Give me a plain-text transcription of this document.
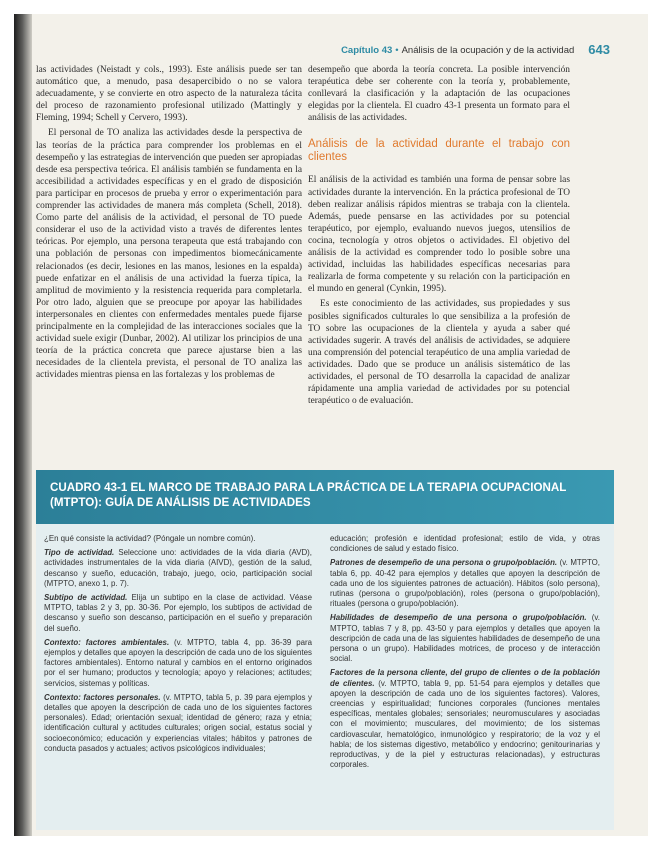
Capítulo 43 • Análisis de la ocupación y de la actividad 643

las actividades (Neistadt y cols., 1993). Este análisis puede ser tan automático que, a menudo, pasa desapercibido o no se valora adecuadamente, y se convierte en otro aspecto de la naturaleza tácita del proceso de razonamiento profesional utilizado (Mattingly y Fleming, 1994; Schell y Cervero, 1993).

El personal de TO analiza las actividades desde la perspectiva de las teorías de la práctica para comprender los problemas en el desempeño y las estrategias de intervención que pueden ser apropiadas desde esa perspectiva teórica. El análisis también se fundamenta en la accesibilidad a actividades específicas y en el grado de disposición para participar en procesos de prueba y error o experimentación para comprender las actividades de manera más completa (Schell, 2018). Como parte del análisis de la actividad, el personal de TO puede considerar el uso de la actividad visto a través de diferentes lentes teóricas. Por ejemplo, una persona terapeuta que está trabajando con una población de personas con impedimentos biomecánicamente relacionados (es decir, lesiones en las manos, lesiones en la espalda) puede enfatizar en el análisis de una actividad la fuerza típica, la amplitud de movimiento y la resistencia requerida para completarla. Por otro lado, alguien que se preocupe por apoyar las habilidades interpersonales en clientes con enfermedades mentales puede fijarse principalmente en la complejidad de las interacciones sociales que la actividad suele exigir (Dunbar, 2002). Al utilizar los principios de una teoría de la práctica concreta que parece ajustarse bien a las necesidades de la clientela prevista, el personal de TO analiza las actividades mientras piensa en las fortalezas y los problemas de

desempeño que aborda la teoría concreta. La posible intervención terapéutica debe ser coherente con la teoría y, probablemente, conllevará la clasificación y la adaptación de las ocupaciones elegidas por la clientela. El cuadro 43-1 presenta un formato para el análisis de las actividades.

Análisis de la actividad durante el trabajo con clientes

El análisis de la actividad es también una forma de pensar sobre las actividades durante la intervención. En la práctica profesional de TO deben realizar análisis rápidos mientras se trabaja con la clientela. Además, puede pensarse en las actividades por su potencial terapéutico, por ejemplo, evaluando nuevos juegos, utensilios de cocina, tecnología y otros objetos o actividades. El objetivo del análisis de la actividad es comprender todo lo posible sobre una actividad, incluidas las habilidades específicas necesarias para realizarla de forma competente y su relación con la participación en el mundo en general (Cynkin, 1995).

Es este conocimiento de las actividades, sus propiedades y sus posibles significados culturales lo que sensibiliza a la profesión de TO sobre las ocupaciones de la clientela y ayuda a saber qué actividades sugerir. A través del análisis de actividades, se adquiere una comprensión del potencial terapéutico de una amplia variedad de actividades. Dado que se produce un análisis sistemático de las actividades, el personal de TO desarrolla la capacidad de analizar rápidamente una amplia variedad de actividades por su potencial terapéutico o de evaluación.

CUADRO 43-1 EL MARCO DE TRABAJO PARA LA PRÁCTICA DE LA TERAPIA OCUPACIONAL (MTPTO): GUÍA DE ANÁLISIS DE ACTIVIDADES

¿En qué consiste la actividad? (Póngale un nombre común).

Tipo de actividad. Seleccione uno: actividades de la vida diaria (AVD), actividades instrumentales de la vida diaria (AIVD), gestión de la salud, descanso y sueño, educación, trabajo, juego, ocio, participación social (MTPTO, anexo 1, p. 7).

Subtipo de actividad. Elija un subtipo en la clase de actividad. Véase MTPTO, tablas 2 y 3, pp. 30-36. Por ejemplo, los subtipos de actividad de descanso y sueño son descanso, participación en el sueño y preparación del sueño.

Contexto: factores ambientales. (v. MTPTO, tabla 4, pp. 36-39 para ejemplos y detalles que apoyen la descripción de cada uno de los siguientes factores ambientales). Entorno natural y cambios en el entorno originados por el ser humano; productos y tecnología; apoyo y relaciones; actitudes; servicios, sistemas y políticas.

Contexto: factores personales. (v. MTPTO, tabla 5, p. 39 para ejemplos y detalles que apoyen la descripción de cada uno de los siguientes factores personales). Edad; orientación sexual; identidad de género; raza y etnia; identificación cultural y actitudes culturales; origen social, estatus social y socioeconómico; educación y experiencias vitales; hábitos y patrones de conducta pasados y actuales; activos psicológicos individuales;

educación; profesión e identidad profesional; estilo de vida, y otras condiciones de salud y estado físico.

Patrones de desempeño de una persona o grupo/población. (v. MTPTO, tabla 6, pp. 40-42 para ejemplos y detalles que apoyen la descripción de cada uno de los siguientes patrones de actuación). Hábitos (solo persona), rutinas (persona o grupo/población), roles (persona o grupo/población), rituales (persona o grupo/población).

Habilidades de desempeño de una persona o grupo/población. (v. MTPTO, tablas 7 y 8, pp. 43-50 y para ejemplos y detalles que apoyen la descripción de cada una de las siguientes habilidades de desempeño de una persona o un grupo). Habilidades motrices, de proceso y de interacción social.

Factores de la persona cliente, del grupo de clientes o de la población de clientes. (v. MTPTO, tabla 9, pp. 51-54 para ejemplos y detalles que apoyen la descripción de cada uno de los siguientes factores). Valores, creencias y espiritualidad; funciones corporales (funciones mentales específicas, mentales globales; sensoriales; neuromusculares y asociadas con el movimiento; musculares, del movimiento; de los sistemas cardiovascular, hematológico, inmunológico y respiratorio; de la voz y el habla; de los sistemas digestivo, metabólico y endocrino; genitourinarias y reproductivas, y de la piel y estructuras relacionadas), y estructuras corporales.
